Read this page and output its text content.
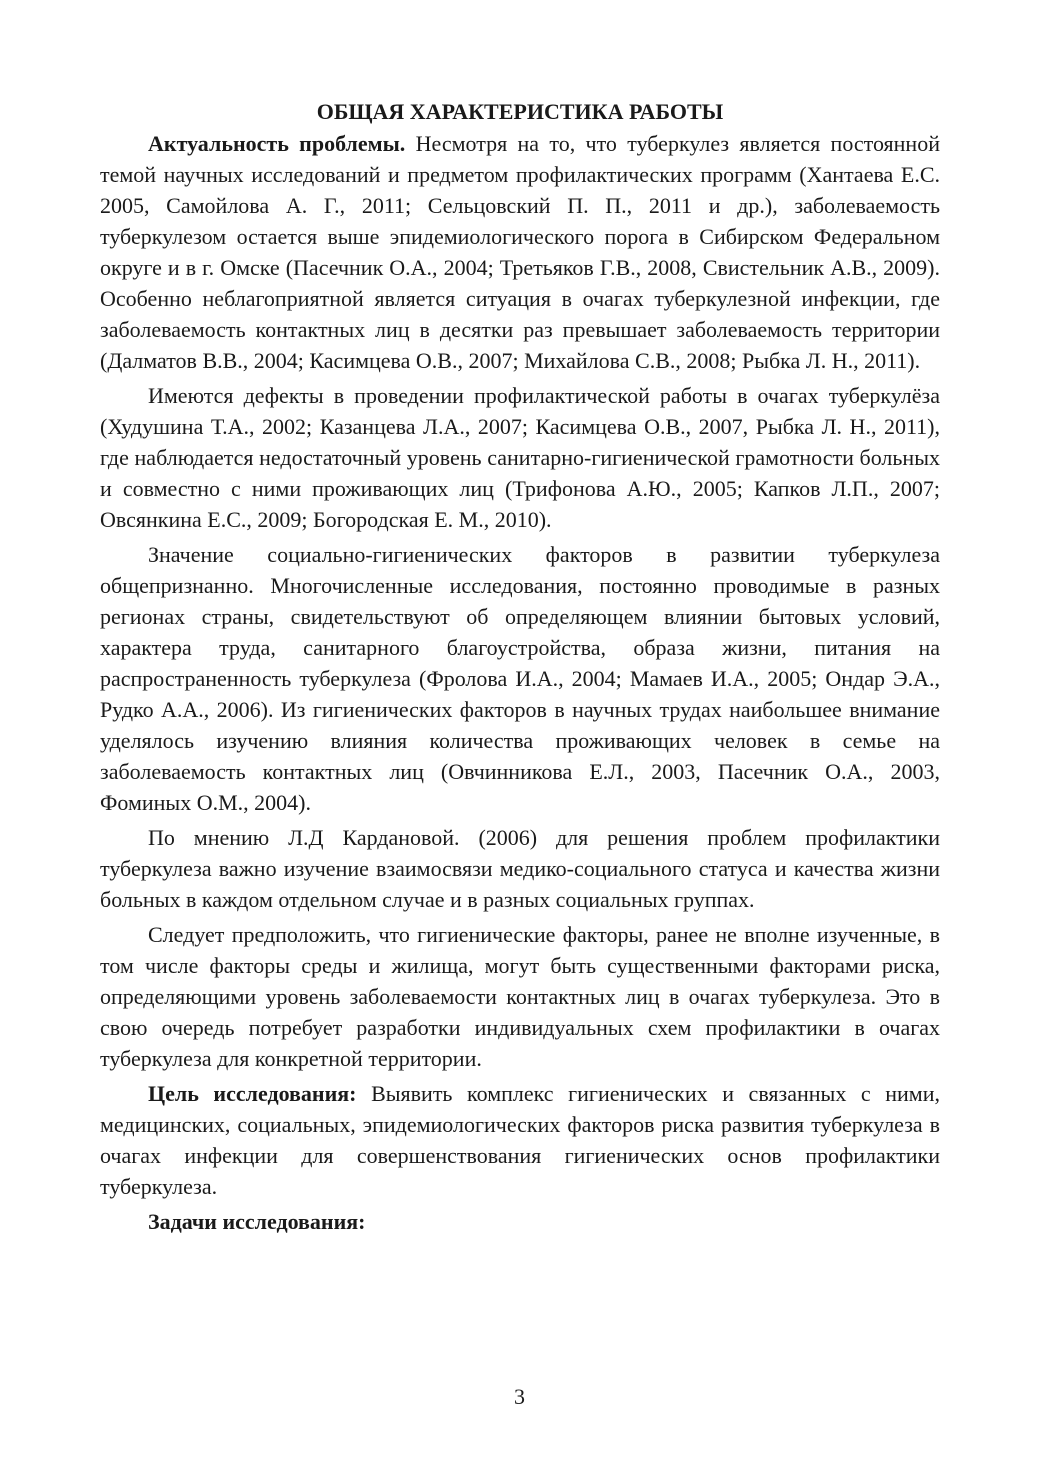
ОБЩАЯ ХАРАКТЕРИСТИКА РАБОТЫ

Актуальность проблемы. Несмотря на то, что туберкулез является постоянной темой научных исследований и предметом профилактических программ (Хантаева Е.С. 2005, Самойлова А. Г., 2011; Сельцовский П. П., 2011 и др.), заболеваемость туберкулезом остается выше эпидемиологического порога в Сибирском Федеральном округе и в г. Омске (Пасечник О.А., 2004; Третьяков Г.В., 2008, Свистельник А.В., 2009). Особенно неблагоприятной является ситуация в очагах туберкулезной инфекции, где заболеваемость контактных лиц в десятки раз превышает заболеваемость территории (Далматов В.В., 2004; Касимцева О.В., 2007; Михайлова С.В., 2008; Рыбка Л. Н., 2011).

Имеются дефекты в проведении профилактической работы в очагах туберкулёза (Худушина Т.А., 2002; Казанцева Л.А., 2007; Касимцева О.В., 2007, Рыбка Л. Н., 2011), где наблюдается недостаточный уровень санитарно-гигиенической грамотности больных и совместно с ними проживающих лиц (Трифонова А.Ю., 2005; Капков Л.П., 2007; Овсянкина Е.С., 2009; Богородская Е. М., 2010).

Значение социально-гигиенических факторов в развитии туберкулеза общепризнанно. Многочисленные исследования, постоянно проводимые в разных регионах страны, свидетельствуют об определяющем влиянии бытовых условий, характера труда, санитарного благоустройства, образа жизни, питания на распространенность туберкулеза (Фролова И.А., 2004; Мамаев И.А., 2005; Ондар Э.А., Рудко А.А., 2006). Из гигиенических факторов в научных трудах наибольшее внимание уделялось изучению влияния количества проживающих человек в семье на заболеваемость контактных лиц (Овчинникова Е.Л., 2003, Пасечник О.А., 2003, Фоминых О.М., 2004).

По мнению Л.Д Кардановой. (2006) для решения проблем профилактики туберкулеза важно изучение взаимосвязи медико-социального статуса и качества жизни больных в каждом отдельном случае и в разных социальных группах.

Следует предположить, что гигиенические факторы, ранее не вполне изученные, в том числе факторы среды и жилища, могут быть существенными факторами риска, определяющими уровень заболеваемости контактных лиц в очагах туберкулеза. Это в свою очередь потребует разработки индивидуальных схем профилактики в очагах туберкулеза для конкретной территории.

Цель исследования: Выявить комплекс гигиенических и связанных с ними, медицинских, социальных, эпидемиологических факторов риска развития туберкулеза в очагах инфекции для совершенствования гигиенических основ профилактики туберкулеза.

Задачи исследования:

3
